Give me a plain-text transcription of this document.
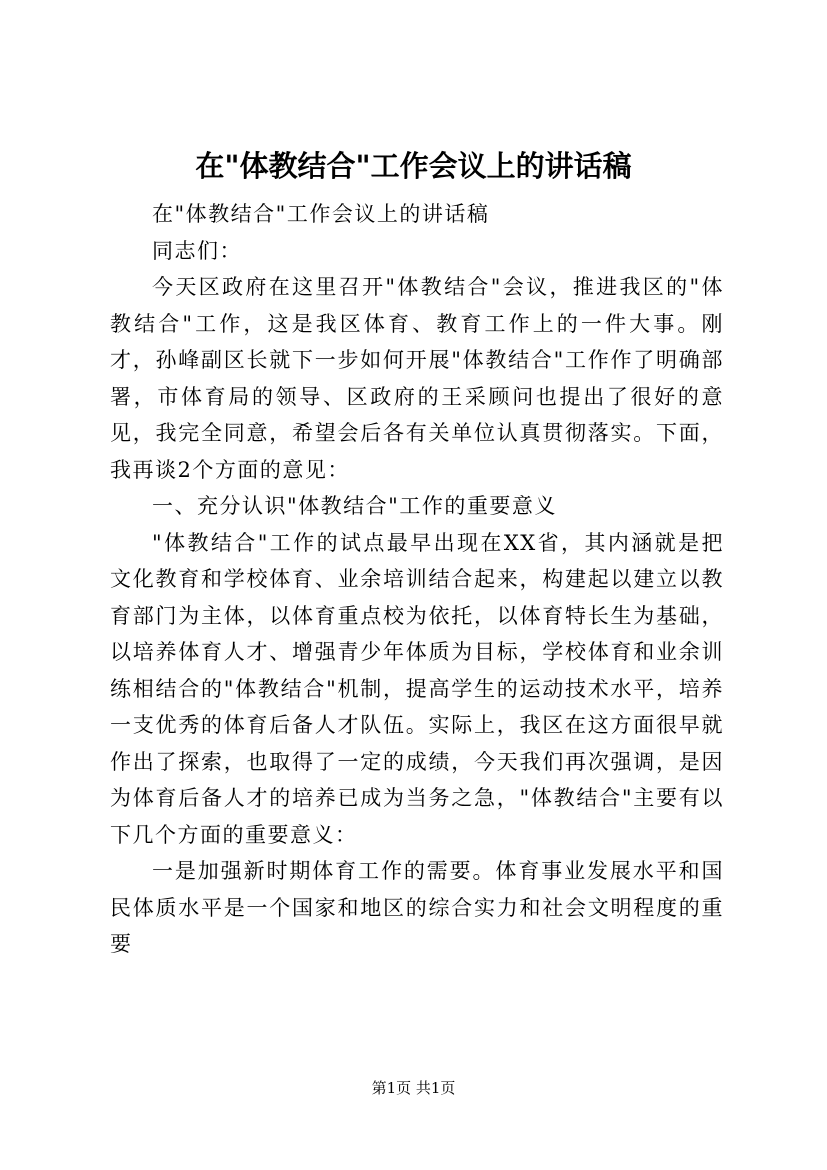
在"体教结合"工作会议上的讲话稿

在"体教结合"工作会议上的讲话稿

同志们：

今天区政府在这里召开"体教结合"会议，推进我区的"体教结合"工作，这是我区体育、教育工作上的一件大事。刚才，孙峰副区长就下一步如何开展"体教结合"工作作了明确部署，市体育局的领导、区政府的王采顾问也提出了很好的意见，我完全同意，希望会后各有关单位认真贯彻落实。下面，我再谈2个方面的意见：

一、充分认识"体教结合"工作的重要意义

"体教结合"工作的试点最早出现在XX省，其内涵就是把文化教育和学校体育、业余培训结合起来，构建起以建立以教育部门为主体，以体育重点校为依托，以体育特长生为基础，以培养体育人才、增强青少年体质为目标，学校体育和业余训练相结合的"体教结合"机制，提高学生的运动技术水平，培养一支优秀的体育后备人才队伍。实际上，我区在这方面很早就作出了探索，也取得了一定的成绩，今天我们再次强调，是因为体育后备人才的培养已成为当务之急，"体教结合"主要有以下几个方面的重要意义：

一是加强新时期体育工作的需要。体育事业发展水平和国民体质水平是一个国家和地区的综合实力和社会文明程度的重要

第1页 共1页
